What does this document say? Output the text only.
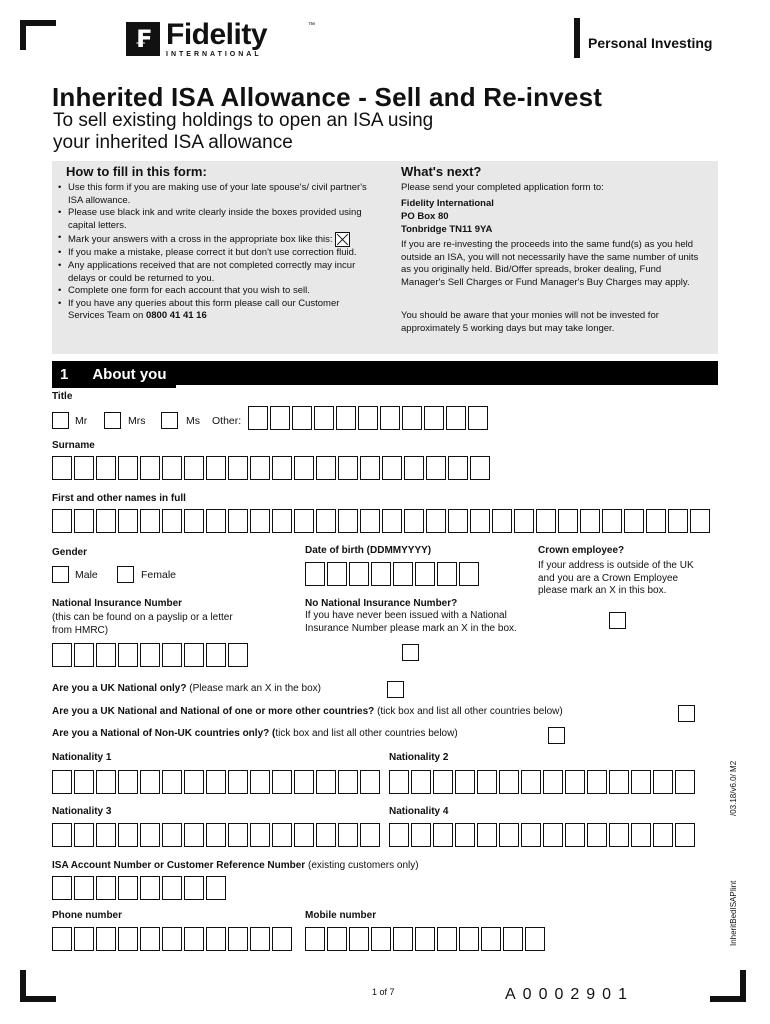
₣ Fidelity
INTERNATIONAL
™
Personal Investing
Inherited ISA Allowance - Sell and Re-invest
To sell existing holdings to open an ISA using your inherited ISA allowance
How to fill in this form:
• Use this form if you are making use of your late spouse's/ civil partner's ISA allowance.
• Please use black ink and write clearly inside the boxes provided using capital letters.
• Mark your answers with a cross in the appropriate box like this:
• If you make a mistake, please correct it but don't use correction fluid.
• Any applications received that are not completed correctly may incur delays or could be returned to you.
• Complete one form for each account that you wish to sell.
• If you have any queries about this form please call our Customer Services Team on 0800 41 41 16
What's next?
Please send your completed application form to:
Fidelity International
PO Box 80
Tonbridge TN11 9YA
If you are re-investing the proceeds into the same fund(s) as you held outside an ISA, you will not necessarily have the same number of units as you originally held. Bid/Offer spreads, broker dealing, Fund Manager's Sell Charges or Fund Manager's Buy Charges may apply.
You should be aware that your monies will not be invested for approximately 5 working days but may take longer.
1 About you
Title
Mr	Mrs	Ms Other:
Surname
First and other names in full
Gender
Male	Female
Date of birth (DDMMYYYY)	Crown employee?
If your address is outside of the UK and you are a Crown Employee please mark an X in this box.
National Insurance Number
(this can be found on a payslip or a letter from HMRC)
No National Insurance Number?
If you have never been issued with a National Insurance Number please mark an X in the box.
Are you a UK National only? (Please mark an X in the box)
Are you a UK National and National of one or more other countries? (tick box and list all other countries below)
Are you a National of Non-UK countries only? (tick box and list all other countries below)
Nationality 1	Nationality 2
Nationality 3	Nationality 4
ISA Account Number or Customer Reference Number (existing customers only)
Phone number	Mobile number
/03.18/v6.0/ M2
InheritBedISAPIint
1 of 7	A0002901
